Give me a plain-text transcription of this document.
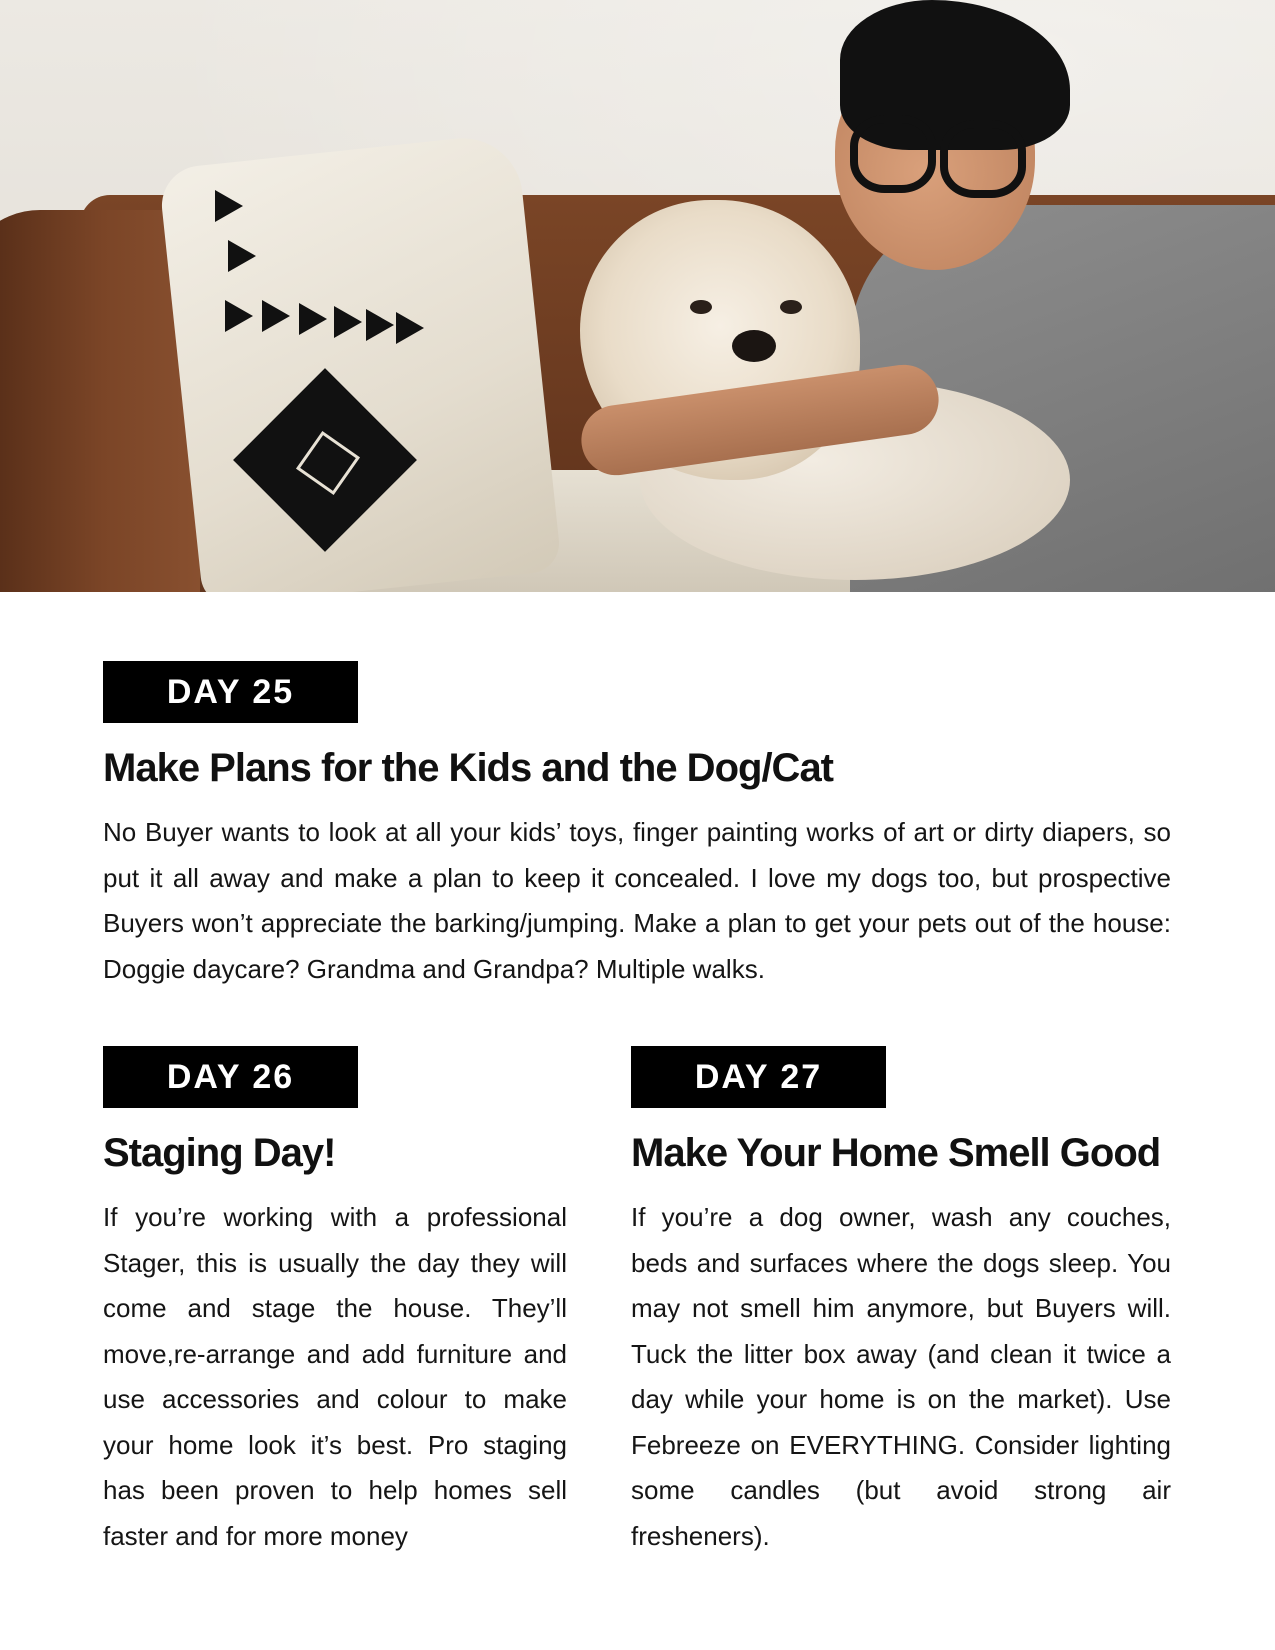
DAY 25
Make Plans for the Kids and the Dog/Cat

No Buyer wants to look at all your kids’ toys, finger painting works of art or dirty diapers, so put it all away and make a plan to keep it concealed. I love my dogs too, but prospective Buyers won’t appreciate the barking/jumping. Make a plan to get your pets out of the house: Doggie daycare? Grandma and Grandpa? Multiple walks.

DAY 26
Staging Day!

If you’re working with a professional Stager, this is usually the day they will come and stage the house. They’ll move,re-arrange and add furniture and use accessories and colour to make your home look it’s best. Pro staging has been proven to help homes sell faster and for more money

DAY 27
Make Your Home Smell Good

If you’re a dog owner, wash any couches, beds and surfaces where the dogs sleep. You may not smell him anymore, but Buyers will. Tuck the litter box away (and clean it twice a day while your home is on the market). Use Febreeze on EVERYTHING. Consider lighting some candles (but avoid strong air fresheners).
